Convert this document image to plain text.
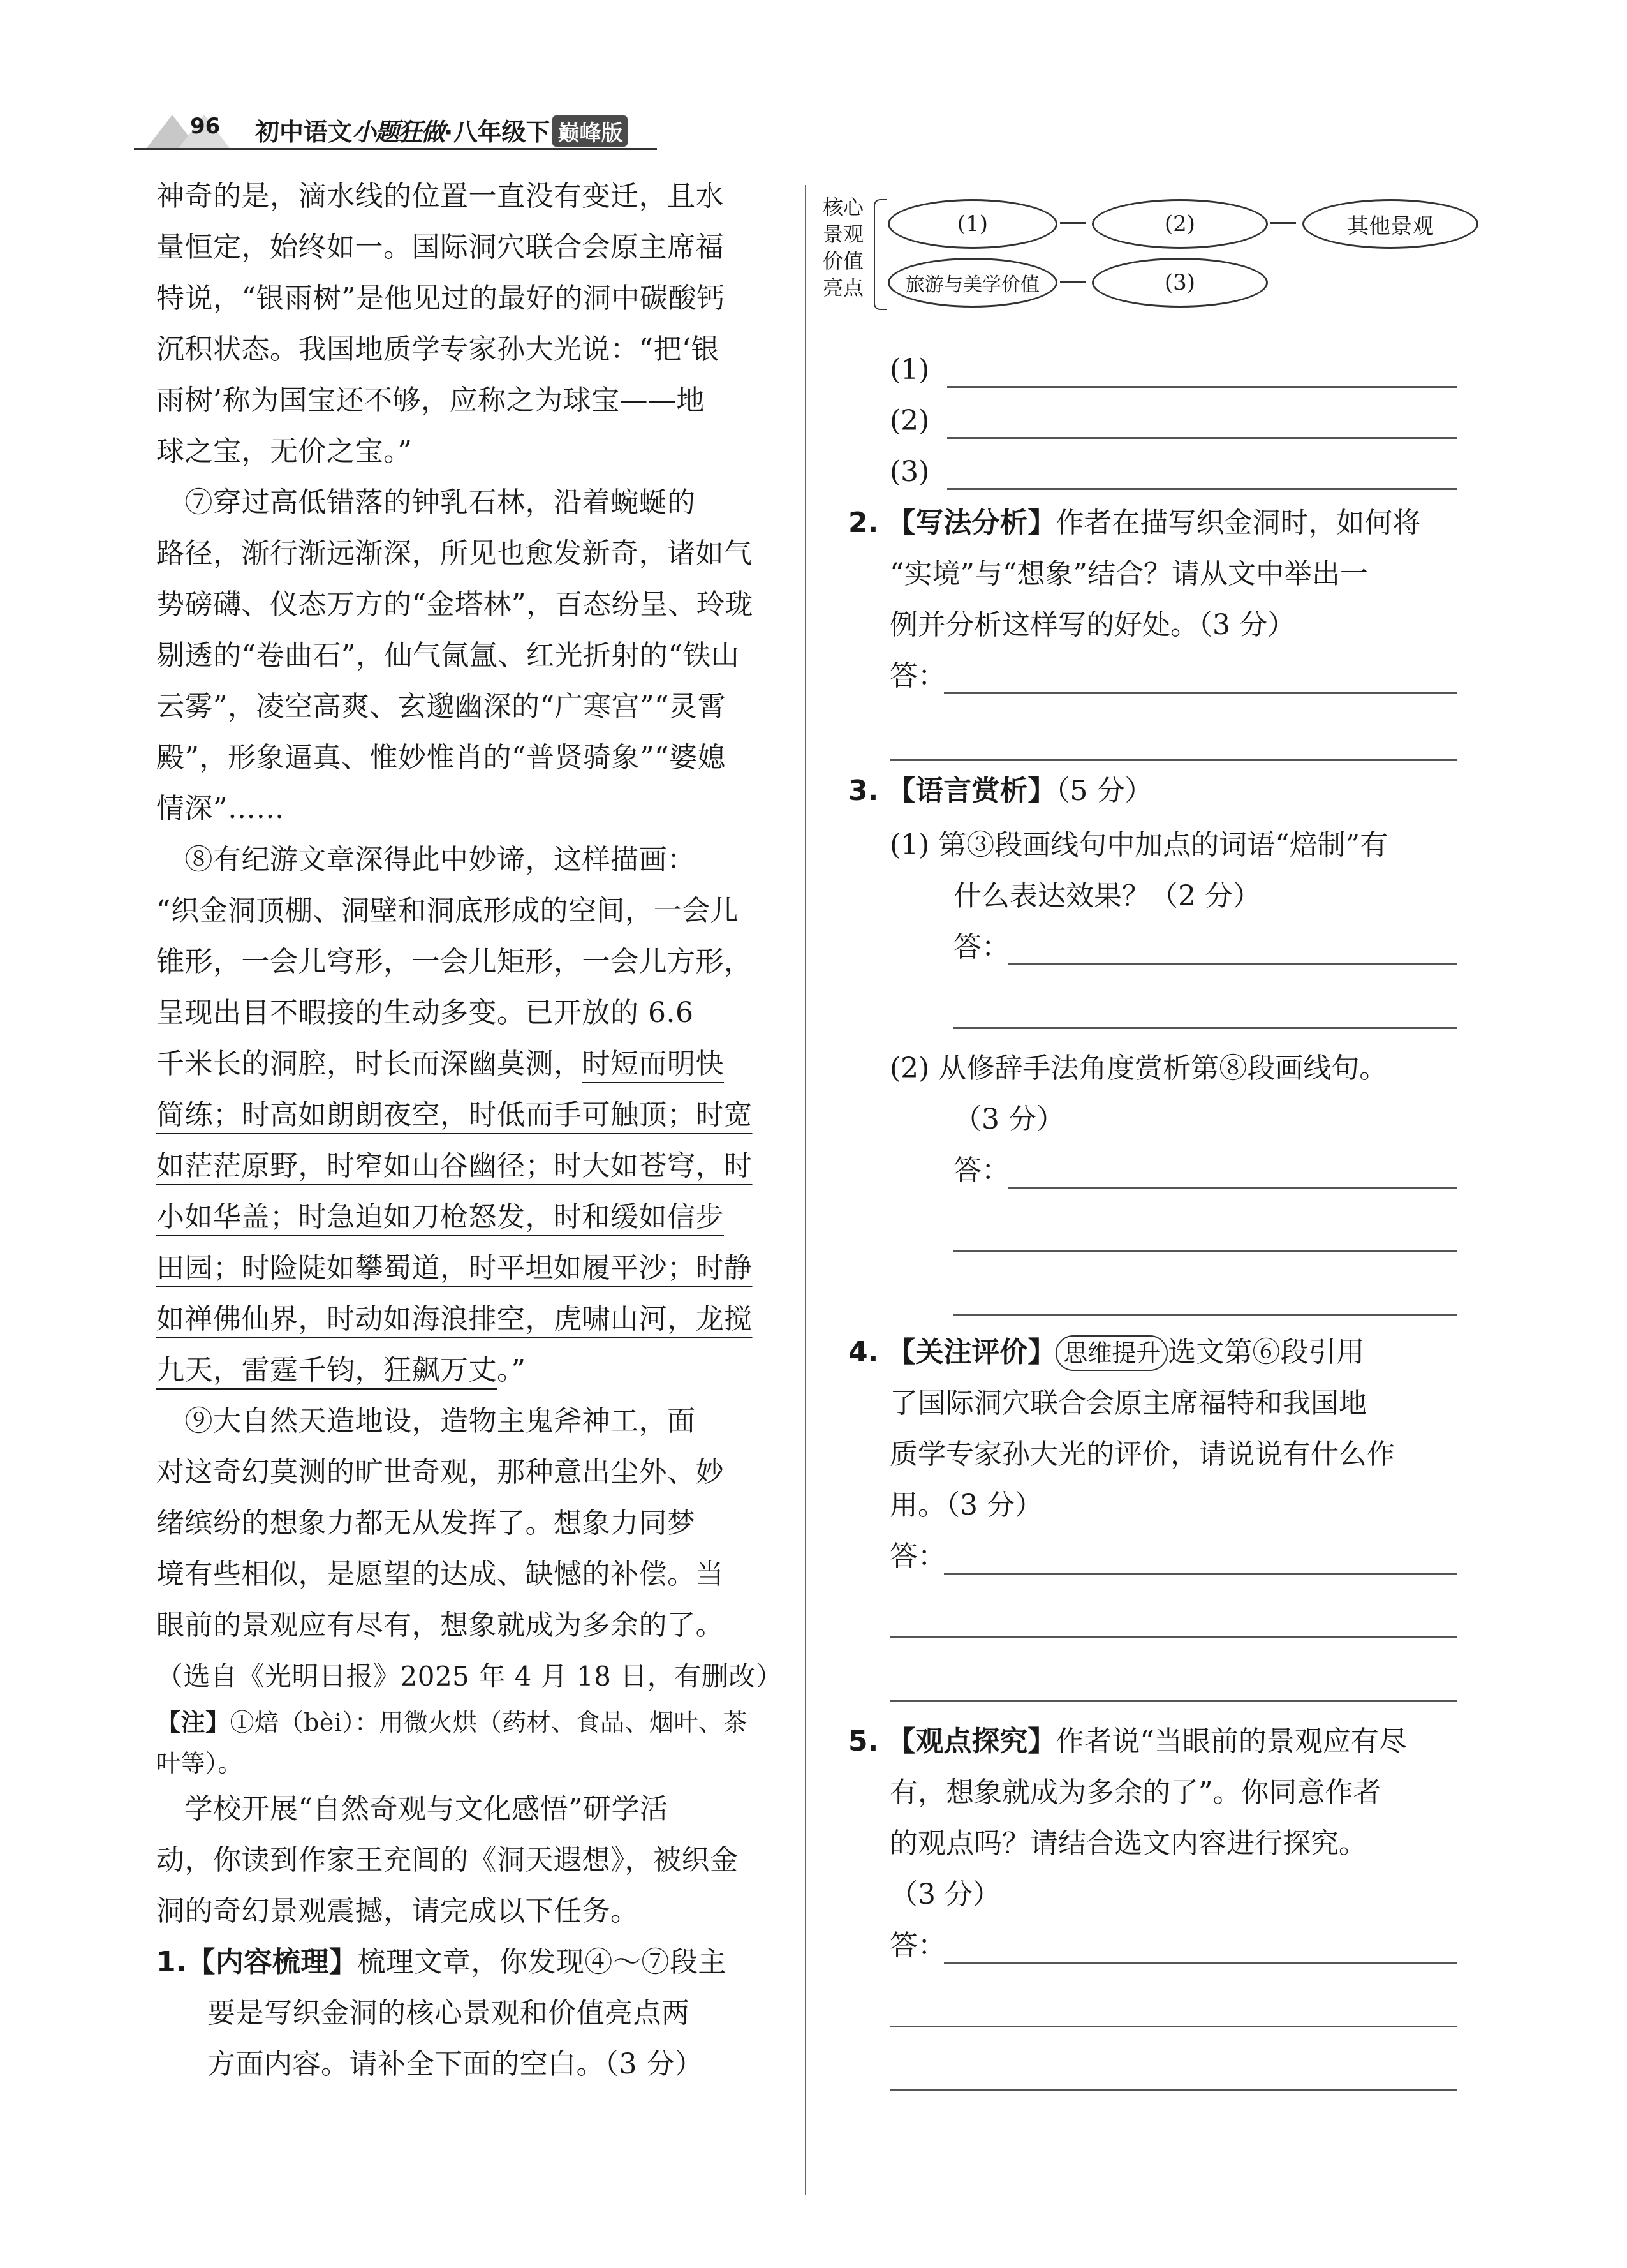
96 初中语文小题狂做·八年级下 巅峰版
神奇的是，滴水线的位置一直没有变迁，且水
量恒定，始终如一。国际洞穴联合会原主席福
特说，“银雨树”是他见过的最好的洞中碳酸钙
沉积状态。我国地质学专家孙大光说：“把‘银
雨树’称为国宝还不够，应称之为球宝——地
球之宝，无价之宝。”
　⑦穿过高低错落的钟乳石林，沿着蜿蜒的
路径，渐行渐远渐深，所见也愈发新奇，诸如气
势磅礴、仪态万方的“金塔林”，百态纷呈、玲珑
剔透的“卷曲石”，仙气氤氲、红光折射的“铁山
云雾”，凌空高爽、玄邈幽深的“广寒宫”“灵霄
殿”，形象逼真、惟妙惟肖的“普贤骑象”“婆媳
情深”……
　⑧有纪游文章深得此中妙谛，这样描画：
“织金洞顶棚、洞壁和洞底形成的空间，一会儿
锥形，一会儿穹形，一会儿矩形，一会儿方形，
呈现出目不暇接的生动多变。已开放的 6.6
千米长的洞腔，时长而深幽莫测，时短而明快
简练；时高如朗朗夜空，时低而手可触顶；时宽
如茫茫原野，时窄如山谷幽径；时大如苍穹，时
小如华盖；时急迫如刀枪怒发，时和缓如信步
田园；时险陡如攀蜀道，时平坦如履平沙；时静
如禅佛仙界，时动如海浪排空，虎啸山河，龙搅
九天，雷霆千钧，狂飙万丈。”
　⑨大自然天造地设，造物主鬼斧神工，面
对这奇幻莫测的旷世奇观，那种意出尘外、妙
绪缤纷的想象力都无从发挥了。想象力同梦
境有些相似，是愿望的达成、缺憾的补偿。当
眼前的景观应有尽有，想象就成为多余的了。
（选自《光明日报》2025 年 4 月 18 日，有删改）
【注】①焙（bèi）：用微火烘（药材、食品、烟叶、茶
叶等）。
　学校开展“自然奇观与文化感悟”研学活
动，你读到作家王充闾的《洞天遐想》，被织金
洞的奇幻景观震撼，请完成以下任务。
1.【内容梳理】梳理文章，你发现④～⑦段主
要是写织金洞的核心景观和价值亮点两
方面内容。请补全下面的空白。（3 分）
核心
景观
价值
亮点
(1)	(2)	其他景观
旅游与美学价值	(3)
(1)
(2)
(3)
2. 【写法分析】作者在描写织金洞时，如何将
“实境”与“想象”结合？请从文中举出一
例并分析这样写的好处。（3 分）
答：
3. 【语言赏析】（5 分）
(1) 第③段画线句中加点的词语“焙制”有
什么表达效果？（2 分）
答：
(2) 从修辞手法角度赏析第⑧段画线句。
（3 分）
答：
4. 【关注评价】 思维提升 选文第⑥段引用
了国际洞穴联合会原主席福特和我国地
质学专家孙大光的评价，请说说有什么作
用。（3 分）
答：
5. 【观点探究】作者说“当眼前的景观应有尽
有，想象就成为多余的了”。你同意作者
的观点吗？请结合选文内容进行探究。
（3 分）
答：
